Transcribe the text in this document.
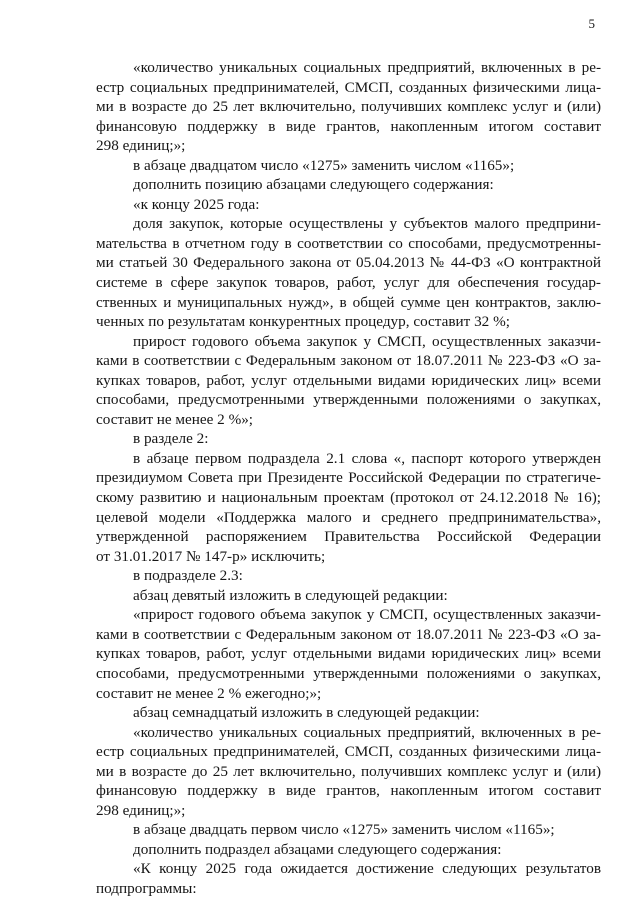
5
«количество уникальных социальных предприятий, включенных в ре-
естр социальных предпринимателей, СМСП, созданных физическими лица-
ми в возрасте до 25 лет включительно, получивших комплекс услуг и (или)
финансовую поддержку в виде грантов, накопленным итогом составит
298 единиц;»;
в абзаце двадцатом число «1275» заменить числом «1165»;
дополнить позицию абзацами следующего содержания:
«к концу 2025 года:
доля закупок, которые осуществлены у субъектов малого предприни-
мательства в отчетном году в соответствии со способами, предусмотренны-
ми статьей 30 Федерального закона от 05.04.2013 № 44-ФЗ «О контрактной
системе в сфере закупок товаров, работ, услуг для обеспечения государ-
ственных и муниципальных нужд», в общей сумме цен контрактов, заклю-
ченных по результатам конкурентных процедур, составит 32 %;
прирост годового объема закупок у СМСП, осуществленных заказчи-
ками в соответствии с Федеральным законом от 18.07.2011 № 223-ФЗ «О за-
купках товаров, работ, услуг отдельными видами юридических лиц» всеми
способами, предусмотренными утвержденными положениями о закупках,
составит не менее 2 %»;
в разделе 2:
в абзаце первом подраздела 2.1 слова «, паспорт которого утвержден
президиумом Совета при Президенте Российской Федерации по стратегиче-
скому развитию и национальным проектам (протокол от 24.12.2018 № 16);
целевой модели «Поддержка малого и среднего предпринимательства»,
утвержденной распоряжением Правительства Российской Федерации
от 31.01.2017 № 147-р» исключить;
в подразделе 2.3:
абзац девятый изложить в следующей редакции:
«прирост годового объема закупок у СМСП, осуществленных заказчи-
ками в соответствии с Федеральным законом от 18.07.2011 № 223-ФЗ «О за-
купках товаров, работ, услуг отдельными видами юридических лиц» всеми
способами, предусмотренными утвержденными положениями о закупках,
составит не менее 2 % ежегодно;»;
абзац семнадцатый изложить в следующей редакции:
«количество уникальных социальных предприятий, включенных в ре-
естр социальных предпринимателей, СМСП, созданных физическими лица-
ми в возрасте до 25 лет включительно, получивших комплекс услуг и (или)
финансовую поддержку в виде грантов, накопленным итогом составит
298 единиц;»;
в абзаце двадцать первом число «1275» заменить числом «1165»;
дополнить подраздел абзацами следующего содержания:
«К концу 2025 года ожидается достижение следующих результатов
подпрограммы:
